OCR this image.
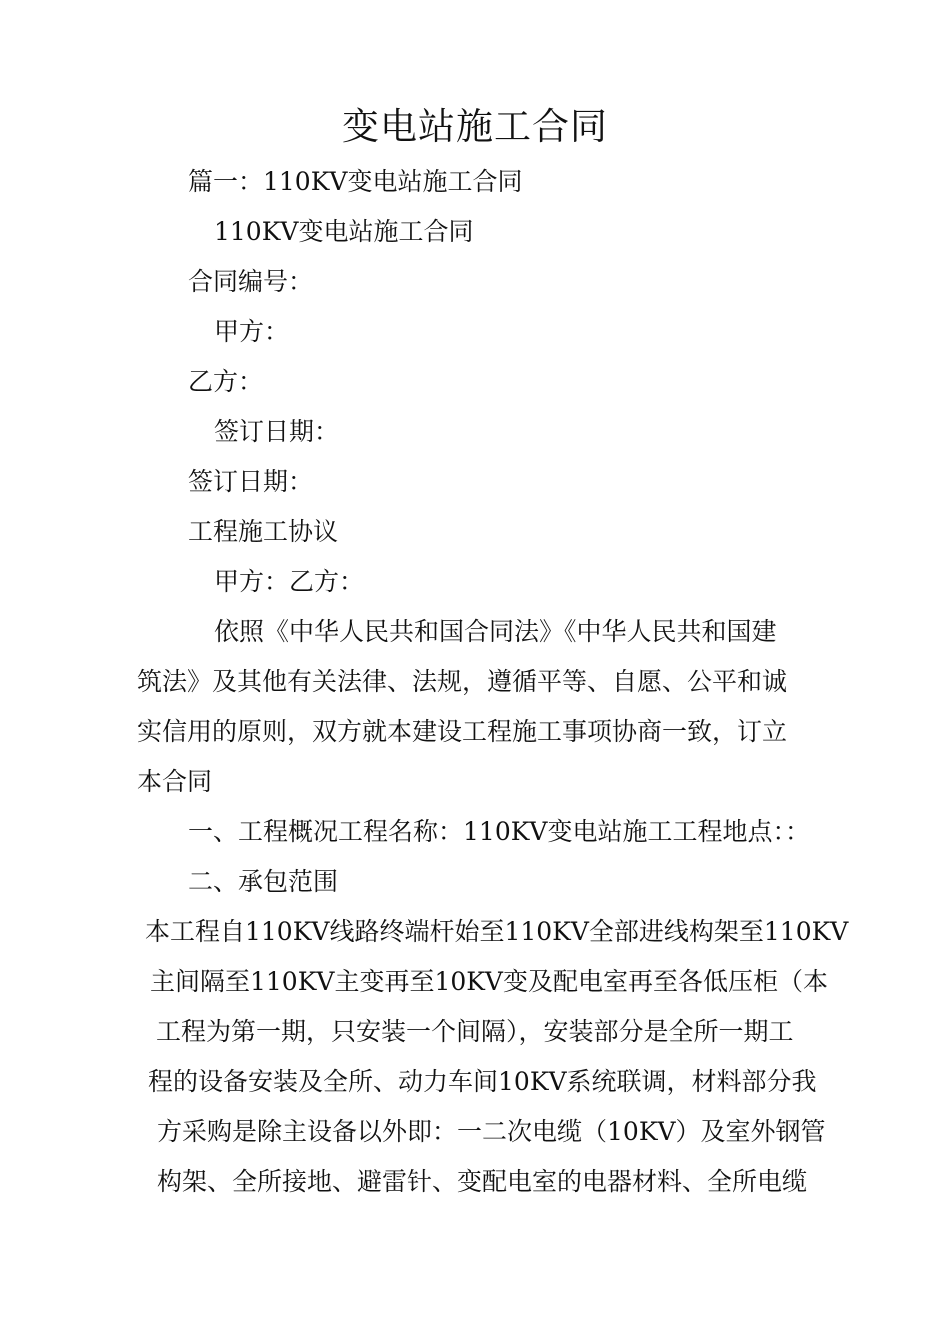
变电站施工合同
篇一：110KV变电站施工合同
110KV变电站施工合同
合同编号：
甲方：
乙方：
签订日期：
签订日期：
工程施工协议
甲方：乙方：
依照《中华人民共和国合同法》《中华人民共和国建
筑法》及其他有关法律、法规，遵循平等、自愿、公平和诚
实信用的原则，双方就本建设工程施工事项协商一致，订立
本合同
一、工程概况工程名称：110KV变电站施工工程地点：：
二、承包范围
本工程自110KV线路终端杆始至110KV全部进线构架至110KV
主间隔至110KV主变再至10KV变及配电室再至各低压柜（本
工程为第一期，只安装一个间隔），安装部分是全所一期工
程的设备安装及全所、动力车间10KV系统联调，材料部分我
方采购是除主设备以外即：一二次电缆（10KV）及室外钢管
构架、全所接地、避雷针、变配电室的电器材料、全所电缆
